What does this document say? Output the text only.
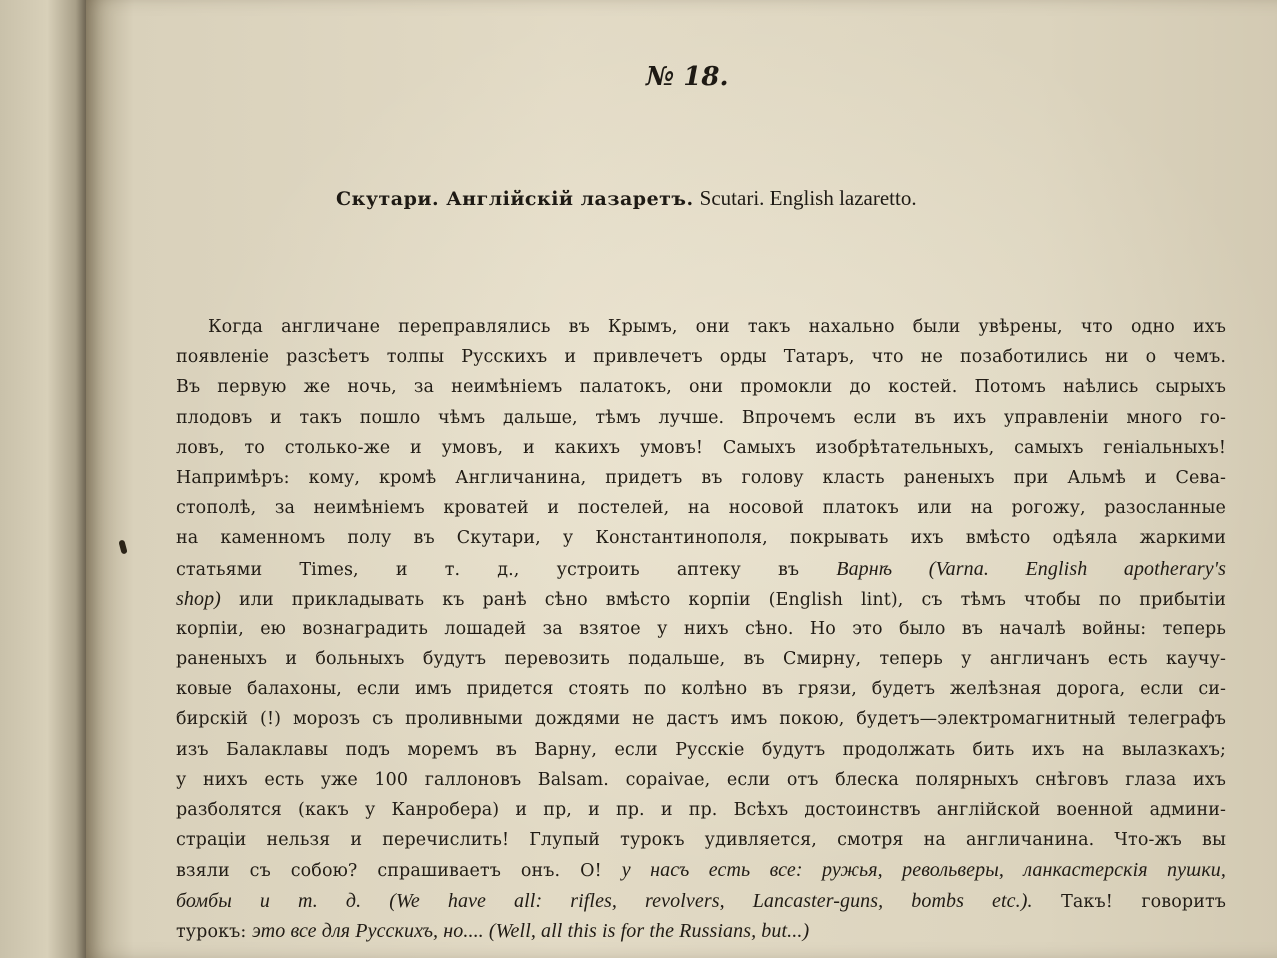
№ 18.
Скутари. Англійскій лазаретъ. Scutari. English lazaretto.
Когда англичане переправлялись въ Крымъ, они такъ нахально были увѣрены, что одно ихъ
появленіе разсѣетъ толпы Русскихъ и привлечетъ орды Татаръ, что не позаботились ни о чемъ.
Въ первую же ночь, за неимѣніемъ палатокъ, они промокли до костей. Потомъ наѣлись сырыхъ
плодовъ и такъ пошло чѣмъ дальше, тѣмъ лучше. Впрочемъ если въ ихъ управленіи много го-
ловъ, то столько-же и умовъ, и какихъ умовъ! Самыхъ изобрѣтательныхъ, самыхъ геніальныхъ!
Напримѣръ: кому, кромѣ Англичанина, придетъ въ голову класть раненыхъ при Альмѣ и Сева-
стополѣ, за неимѣніемъ кроватей и постелей, на носовой платокъ или на рогожу, разосланные
на каменномъ полу въ Скутари, у Константинополя, покрывать ихъ вмѣсто одѣяла жаркими
статьями Times, и т. д., устроить аптеку въ Варнѣ (Varna. English apotherary's
shop) или прикладывать къ ранѣ сѣно вмѣсто корпіи (English lint), съ тѣмъ чтобы по прибытіи
корпіи, ею вознаградить лошадей за взятое у нихъ сѣно. Но это было въ началѣ войны: теперь
раненыхъ и больныхъ будутъ перевозить подальше, въ Смирну, теперь у англичанъ есть каучу-
ковые балахоны, если имъ придется стоять по колѣно въ грязи, будетъ желѣзная дорога, если си-
бирскій (!) морозъ съ проливными дождями не дастъ имъ покою, будетъ—электромагнитный телеграфъ
изъ Балаклавы подъ моремъ въ Варну, если Русскіе будутъ продолжать бить ихъ на вылазкахъ;
у нихъ есть уже 100 галлоновъ Balsam. copaivae, если отъ блеска полярныхъ снѣговъ глаза ихъ
разболятся (какъ у Канробера) и пр, и пр. и пр. Всѣхъ достоинствъ англійской военной админи-
страціи нельзя и перечислить! Глупый турокъ удивляется, смотря на англичанина. Что-жъ вы
взяли съ собою? спрашиваетъ онъ. О! у насъ есть все: ружья, револьверы, ланкастерскія пушки,
бомбы и т. д. (We have all: rifles, revolvers, Lancaster-guns, bombs etc.). Такъ! говоритъ
турокъ: это все для Русскихъ, но.... (Well, all this is for the Russians, but...)
